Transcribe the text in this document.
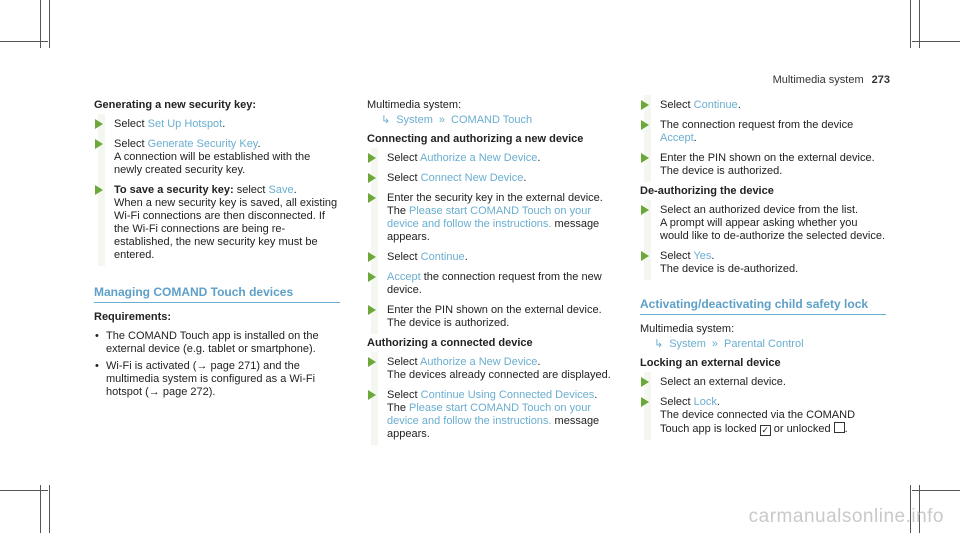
Multimedia system 273
Generating a new security key:
Select Set Up Hotspot.
Select Generate Security Key.
A connection will be established with the newly created security key.
To save a security key: select Save.
When a new security key is saved, all existing Wi-Fi connections are then disconnected. If the Wi-Fi connections are being re-established, the new security key must be entered.
Managing COMAND Touch devices
Requirements:
• The COMAND Touch app is installed on the external device (e.g. tablet or smartphone).
• Wi-Fi is activated (→ page 271) and the multimedia system is configured as a Wi-Fi hotspot (→ page 272).
Multimedia system:
↳ System » COMAND Touch
Connecting and authorizing a new device
Select Authorize a New Device.
Select Connect New Device.
Enter the security key in the external device.
The Please start COMAND Touch on your device and follow the instructions. message appears.
Select Continue.
Accept the connection request from the new device.
Enter the PIN shown on the external device.
The device is authorized.
Authorizing a connected device
Select Authorize a New Device.
The devices already connected are displayed.
Select Continue Using Connected Devices.
The Please start COMAND Touch on your device and follow the instructions. message appears.
Select Continue.
The connection request from the device
Accept.
Enter the PIN shown on the external device.
The device is authorized.
De-authorizing the device
Select an authorized device from the list.
A prompt will appear asking whether you would like to de-authorize the selected device.
Select Yes.
The device is de-authorized.
Activating/deactivating child safety lock
Multimedia system:
↳ System » Parental Control
Locking an external device
Select an external device.
Select Lock.
The device connected via the COMAND Touch app is locked ✓ or unlocked .
carmanualsonline.info
